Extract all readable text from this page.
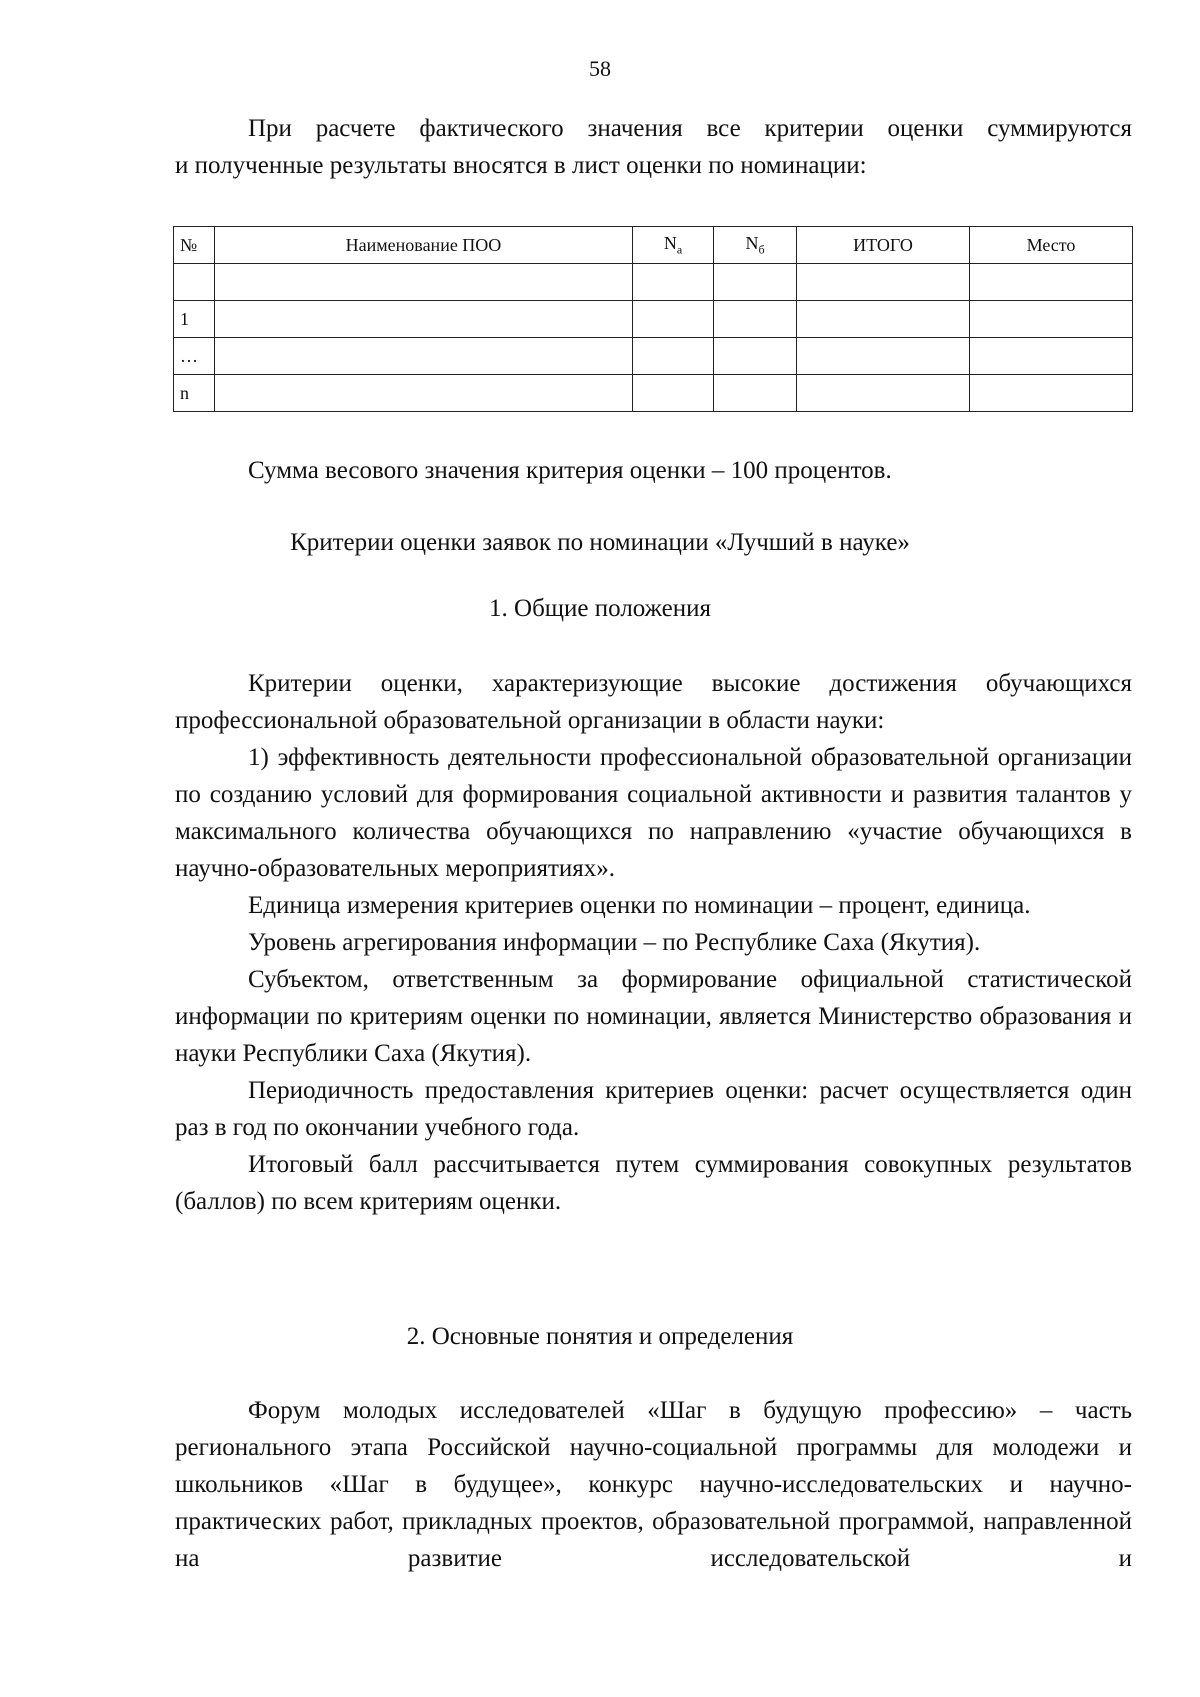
58

При расчете фактического значения все критерии оценки суммируются

и полученные результаты вносятся в лист оценки по номинации:

№	Наименование ПОО	$N_а$	$N_б$	ИТОГО	Место

1					
…					
n					

Сумма весового значения критерия оценки – 100 процентов.

Критерии оценки заявок по номинации «Лучший в науке»
1. Общие положения

Критерии оценки, характеризующие высокие достижения обучающихся профессиональной образовательной организации в области науки:

1) эффективность деятельности профессиональной образовательной организации по созданию условий для формирования социальной активности и развития талантов у максимального количества обучающихся по направлению «участие обучающихся в научно-образовательных мероприятиях».

Единица измерения критериев оценки по номинации – процент, единица.

Уровень агрегирования информации – по Республике Саха (Якутия).

Субъектом, ответственным за формирование официальной статистической информации по критериям оценки по номинации, является Министерство образования и науки Республики Саха (Якутия).

Периодичность предоставления критериев оценки: расчет осуществляется один раз в год по окончании учебного года.

Итоговый балл рассчитывается путем суммирования совокупных результатов (баллов) по всем критериям оценки.

2. Основные понятия и определения

Форум молодых исследователей «Шаг в будущую профессию» – часть регионального этапа Российской научно-социальной программы для молодежи и школьников «Шаг в будущее», конкурс научно-исследовательских и научно-практических работ, прикладных проектов, образовательной программой, направленной на развитие исследовательской и
